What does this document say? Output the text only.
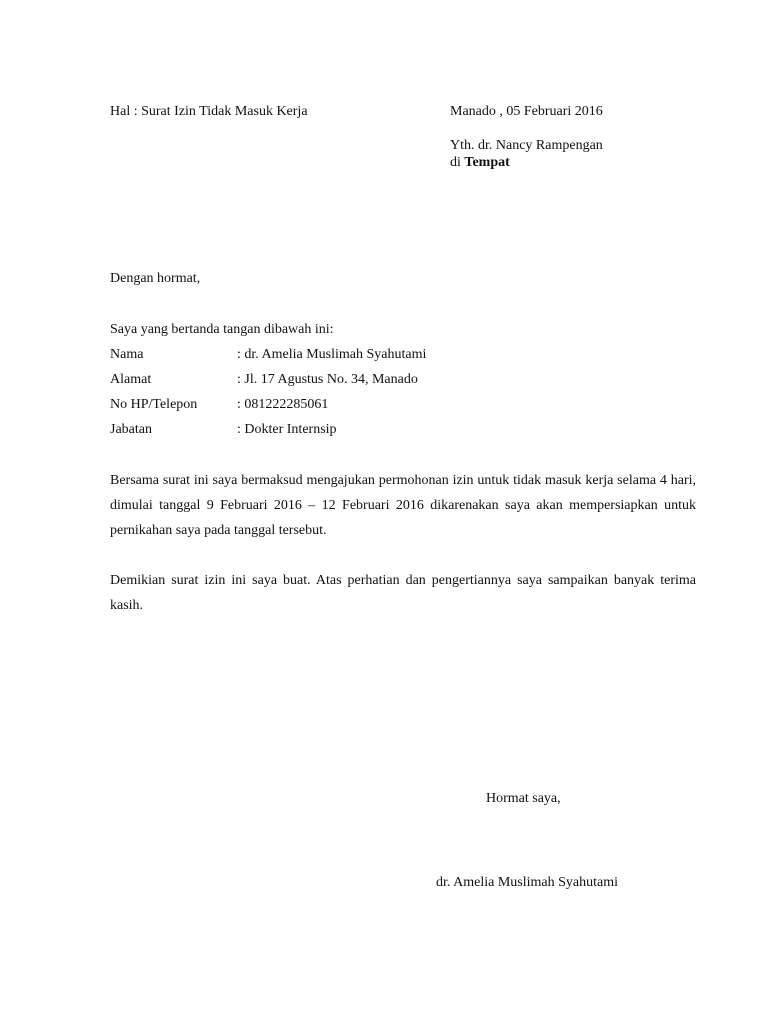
Hal : Surat Izin Tidak Masuk Kerja	Manado , 05 Februari 2016
Yth. dr. Nancy Rampengan
di Tempat
Dengan hormat,
Saya yang bertanda tangan dibawah ini:
Nama	: dr. Amelia Muslimah Syahutami
Alamat	: Jl. 17 Agustus No. 34, Manado
No HP/Telepon	: 081222285061
Jabatan	: Dokter Internsip
Bersama surat ini saya bermaksud mengajukan permohonan izin untuk tidak masuk kerja selama 4 hari, dimulai tanggal 9 Februari 2016 – 12 Februari 2016 dikarenakan saya akan mempersiapkan untuk pernikahan saya pada tanggal tersebut.
Demikian surat izin ini saya buat. Atas perhatian dan pengertiannya saya sampaikan banyak terima kasih.
Hormat saya,
dr. Amelia Muslimah Syahutami
